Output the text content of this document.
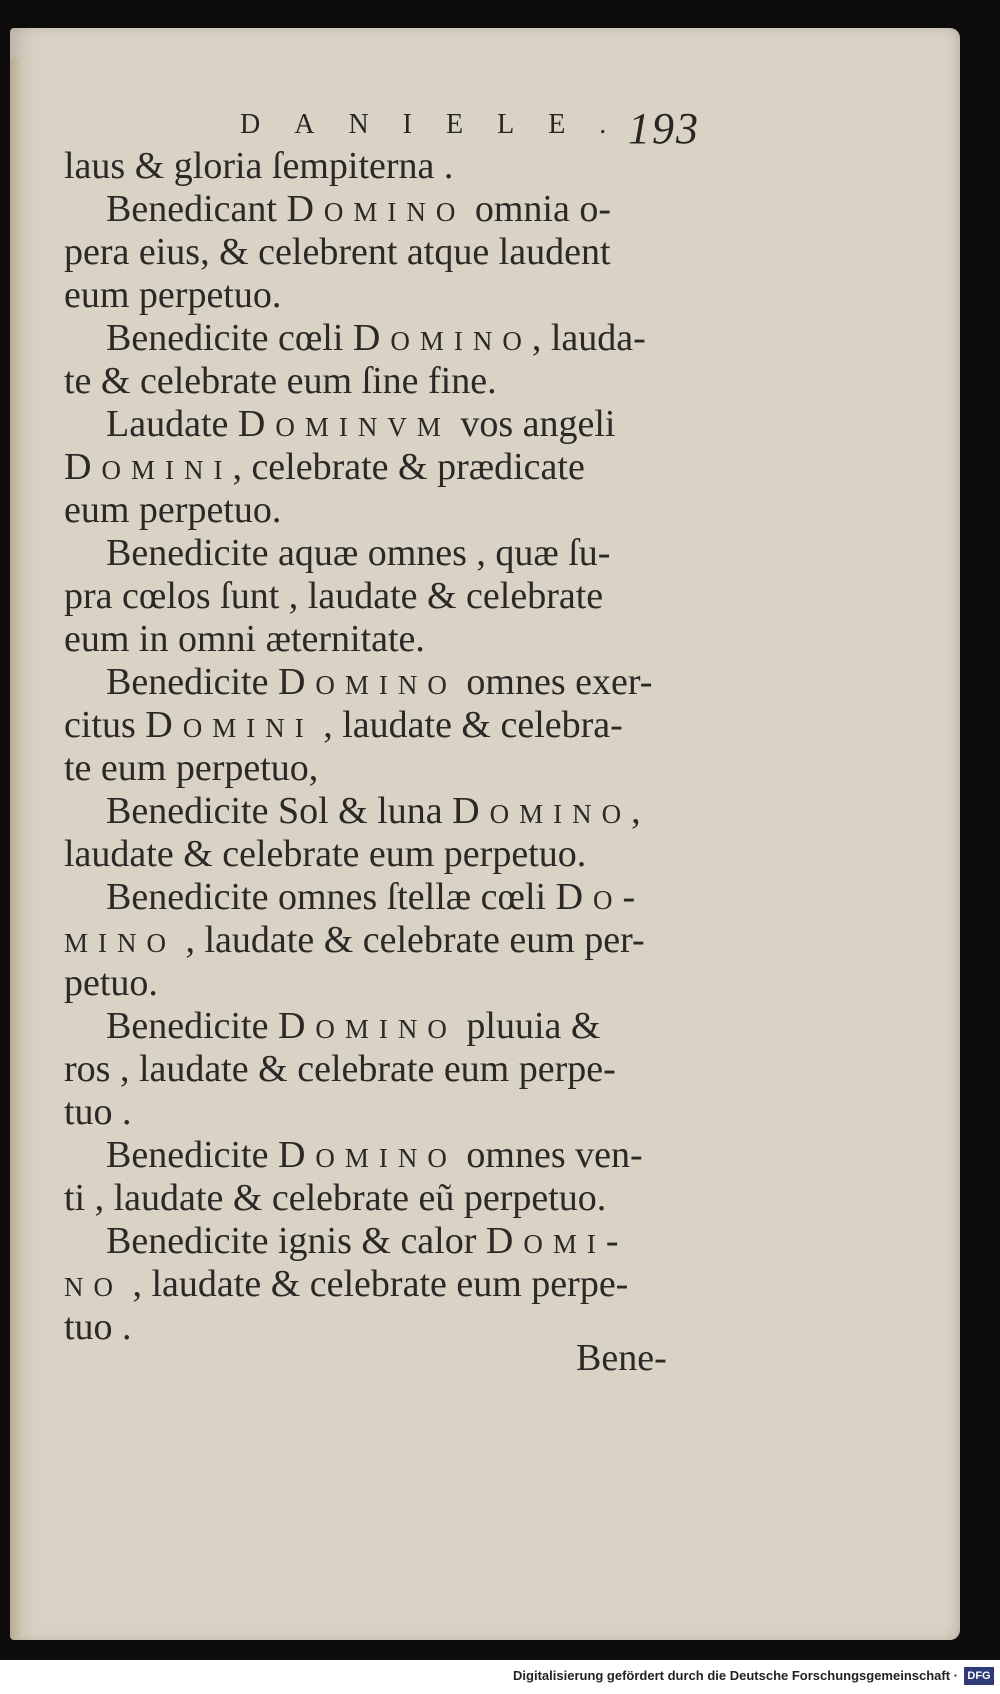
DANIELE.
193
laus & gloria ſempiterna .
Benedicant Domino omnia o-
pera eius, & celebrent atque laudent
eum perpetuo.
Benedicite cœli Domino, lauda-
te & celebrate eum ſine fine.
Laudate Dominvm vos angeli
Domini, celebrate & prædicate
eum perpetuo.
Benedicite aquæ omnes , quæ ſu-
pra cœlos ſunt , laudate & celebrate
eum in omni æternitate.
Benedicite Domino omnes exer-
citus Domini , laudate & celebra-
te eum perpetuo,
Benedicite Sol & luna Domino,
laudate & celebrate eum perpetuo.
Benedicite omnes ſtellæ cœli Do-
mino , laudate & celebrate eum per-
petuo.
Benedicite Domino pluuia &
ros , laudate & celebrate eum perpe-
tuo .
Benedicite Domino omnes ven-
ti , laudate & celebrate eũ perpetuo.
Benedicite ignis & calor Domi-
no , laudate & celebrate eum perpe-
tuo .
Bene-
Digitalisierung gefördert durch die Deutsche Forschungsgemeinschaft · DFG
